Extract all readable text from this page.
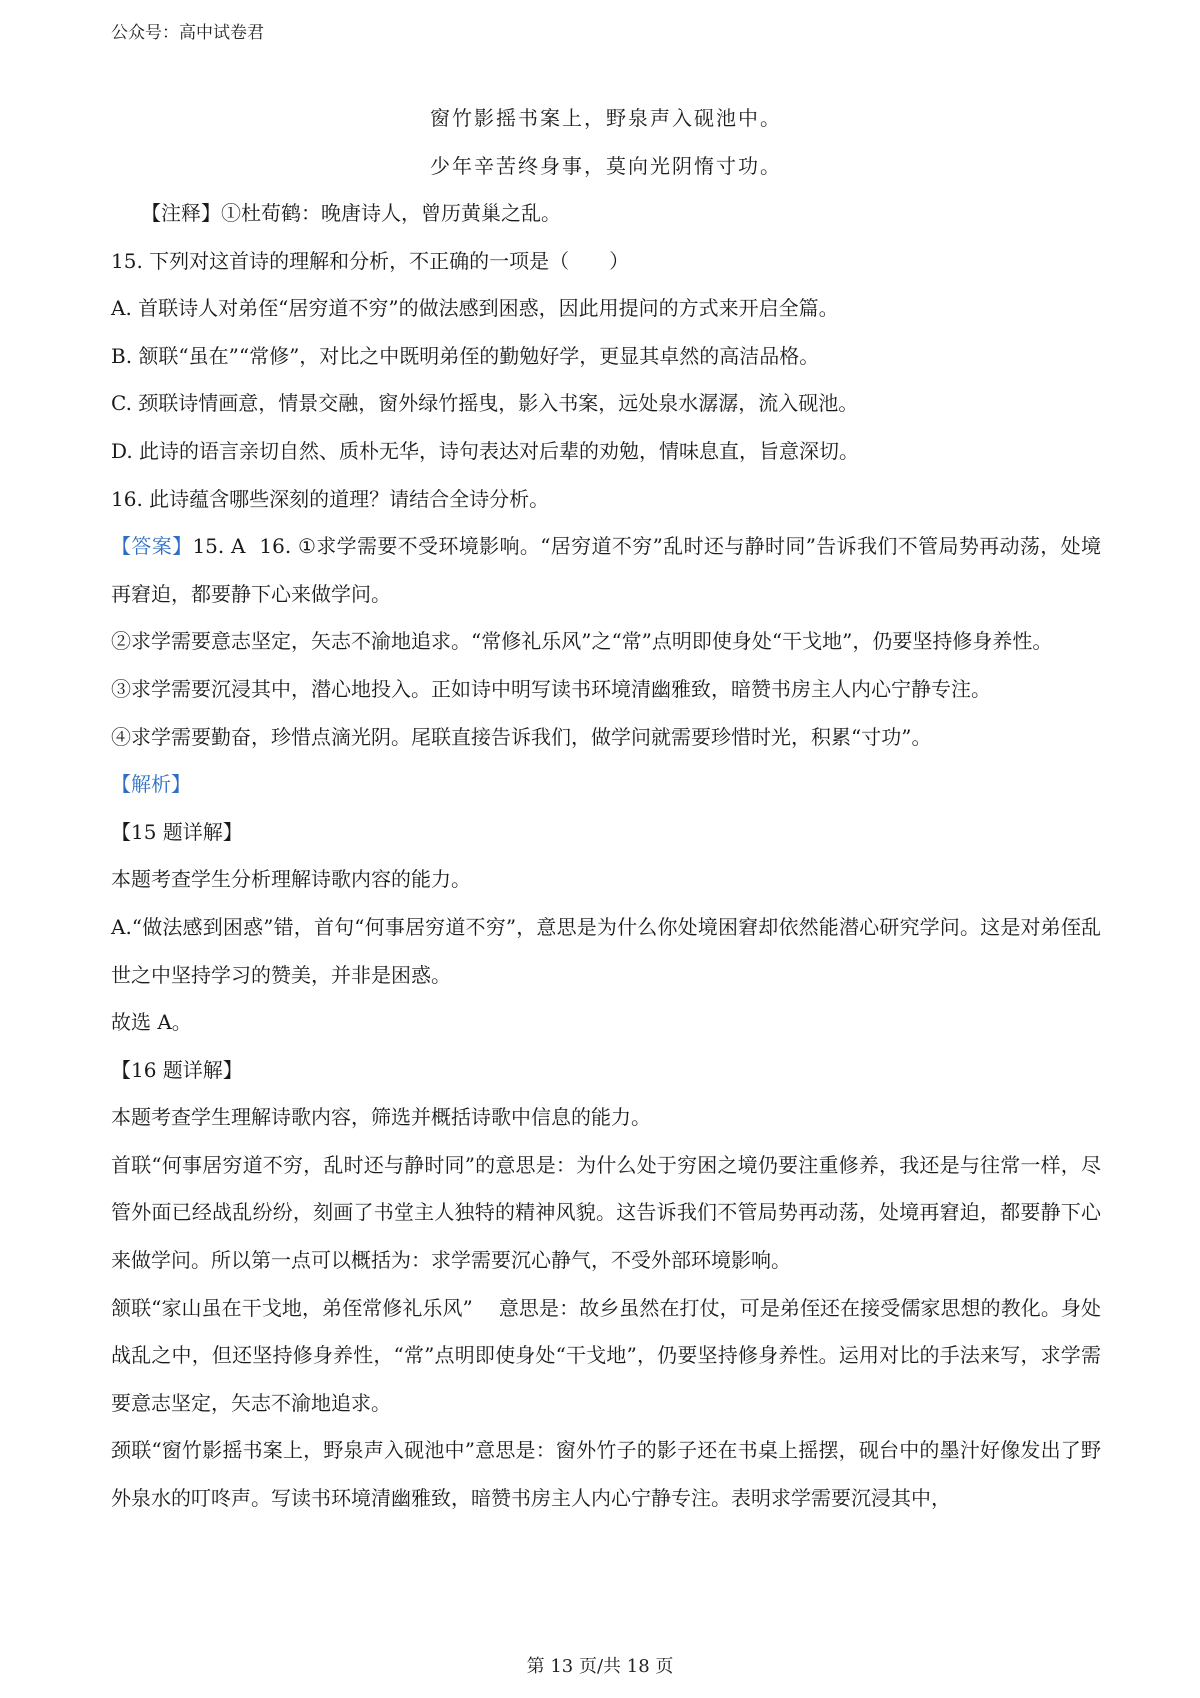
公众号：高中试卷君
窗竹影摇书案上，野泉声入砚池中。
少年辛苦终身事，莫向光阴惰寸功。
【注释】①杜荀鹤：晚唐诗人，曾历黄巢之乱。
15. 下列对这首诗的理解和分析，不正确的一项是（　　）
A. 首联诗人对弟侄“居穷道不穷”的做法感到困惑，因此用提问的方式来开启全篇。
B. 颔联“虽在”“常修”，对比之中既明弟侄的勤勉好学，更显其卓然的高洁品格。
C. 颈联诗情画意，情景交融，窗外绿竹摇曳，影入书案，远处泉水潺潺，流入砚池。
D. 此诗的语言亲切自然、质朴无华，诗句表达对后辈的劝勉，情味息直，旨意深切。
16. 此诗蕴含哪些深刻的道理？请结合全诗分析。
【答案】15. A 16. ①求学需要不受环境影响。“居穷道不穷”乱时还与静时同”告诉我们不管局势再动荡，处境再窘迫，都要静下心来做学问。
②求学需要意志坚定，矢志不渝地追求。“常修礼乐风”之“常”点明即使身处“干戈地”，仍要坚持修身养性。
③求学需要沉浸其中，潜心地投入。正如诗中明写读书环境清幽雅致，暗赞书房主人内心宁静专注。
④求学需要勤奋，珍惜点滴光阴。尾联直接告诉我们，做学问就需要珍惜时光，积累“寸功”。
【解析】
【15 题详解】
本题考查学生分析理解诗歌内容的能力。
A.“做法感到困惑”错，首句“何事居穷道不穷”，意思是为什么你处境困窘却依然能潜心研究学问。这是对弟侄乱世之中坚持学习的赞美，并非是困惑。
故选 A。
【16 题详解】
本题考查学生理解诗歌内容，筛选并概括诗歌中信息的能力。
首联“何事居穷道不穷，乱时还与静时同”的意思是：为什么处于穷困之境仍要注重修养，我还是与往常一样，尽管外面已经战乱纷纷，刻画了书堂主人独特的精神风貌。这告诉我们不管局势再动荡，处境再窘迫，都要静下心来做学问。所以第一点可以概括为：求学需要沉心静气，不受外部环境影响。
颔联“家山虽在干戈地，弟侄常修礼乐风” 意思是：故乡虽然在打仗，可是弟侄还在接受儒家思想的教化。身处战乱之中，但还坚持修身养性，“常”点明即使身处“干戈地”，仍要坚持修身养性。运用对比的手法来写，求学需要意志坚定，矢志不渝地追求。
颈联“窗竹影摇书案上，野泉声入砚池中”意思是：窗外竹子的影子还在书桌上摇摆，砚台中的墨汁好像发出了野外泉水的叮咚声。写读书环境清幽雅致，暗赞书房主人内心宁静专注。表明求学需要沉浸其中，
第 13 页/共 18 页
